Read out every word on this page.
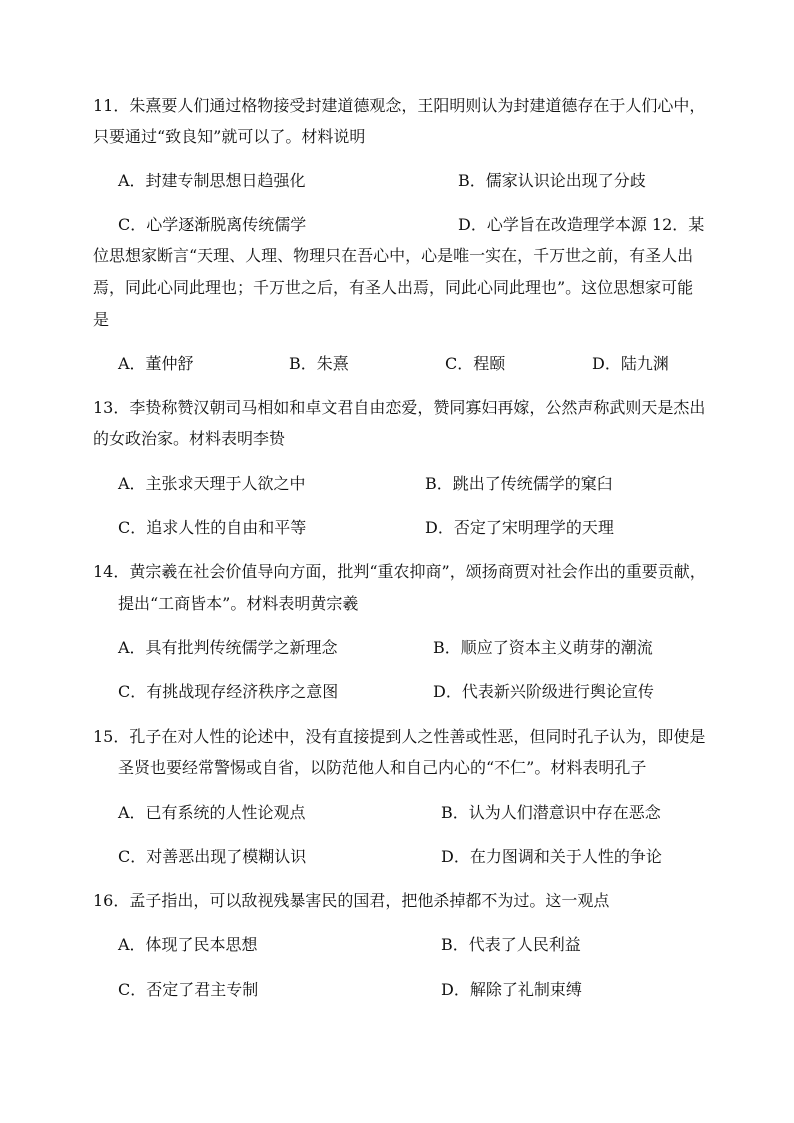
11．朱熹要人们通过格物接受封建道德观念，王阳明则认为封建道德存在于人们心中，
只要通过“致良知”就可以了。材料说明
A．封建专制思想日趋强化	B．儒家认识论出现了分歧
C．心学逐渐脱离传统儒学	D．心学旨在改造理学本源 12．某
位思想家断言“天理、人理、物理只在吾心中，心是唯一实在，千万世之前，有圣人出
焉，同此心同此理也；千万世之后，有圣人出焉，同此心同此理也”。这位思想家可能
是
A．董仲舒	B．朱熹	C．程颐	D．陆九渊
13．李贽称赞汉朝司马相如和卓文君自由恋爱，赞同寡妇再嫁，公然声称武则天是杰出
的女政治家。材料表明李贽
A．主张求天理于人欲之中	B．跳出了传统儒学的窠臼
C．追求人性的自由和平等	D．否定了宋明理学的天理
14．黄宗羲在社会价值导向方面，批判“重农抑商”，颂扬商贾对社会作出的重要贡献，
提出“工商皆本”。材料表明黄宗羲
A．具有批判传统儒学之新理念	B．顺应了资本主义萌芽的潮流
C．有挑战现存经济秩序之意图	D．代表新兴阶级进行舆论宣传
15．孔子在对人性的论述中，没有直接提到人之性善或性恶，但同时孔子认为，即使是
圣贤也要经常警惕或自省，以防范他人和自己内心的“不仁”。材料表明孔子
A．已有系统的人性论观点	B．认为人们潜意识中存在恶念
C．对善恶出现了模糊认识	D．在力图调和关于人性的争论
16．孟子指出，可以敌视残暴害民的国君，把他杀掉都不为过。这一观点
A．体现了民本思想	B．代表了人民利益
C．否定了君主专制	D．解除了礼制束缚
